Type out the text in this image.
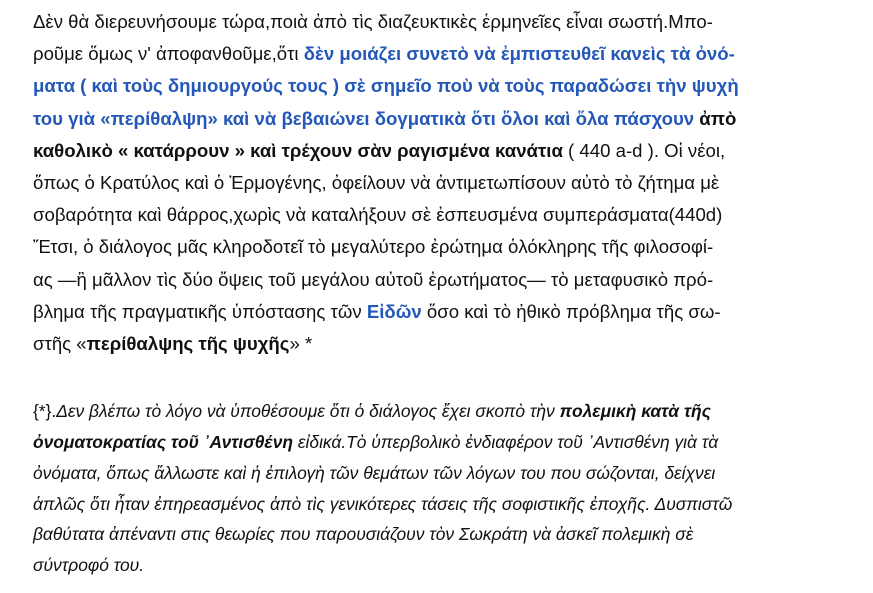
Δὲν θὰ διερευνήσουμε τώρα,ποιὰ ἀπὸ τὶς διαζευκτικὲς ἑρμηνεῖες εἶναι σωστή.Μπο-
ροῦμε ὅμως ν' ἀποφανθοῦμε,ὅτι δὲν μοιάζει συνετὸ νὰ ἐμπιστευθεῖ κανεὶς τὰ ὀνό-
ματα ( καὶ τοὺς δημιουργούς τους ) σὲ σημεῖο ποὺ νὰ τοὺς παραδώσει τὴν ψυχὴ
του γιὰ «περίθαλψη» καὶ νὰ βεβαιώνει δογματικὰ ὅτι ὅλοι καὶ ὅλα πάσχουν ἀπὸ
καθολικὸ « κατάρρουν » καὶ τρέχουν σὰν ραγισμένα κανάτια ( 440 a-d ). Οἱ νέοι,
ὅπως ὁ Κρατύλος καὶ ὁ Ἑρμογένης, ὀφείλουν νὰ ἀντιμετωπίσουν αὐτὸ τὸ ζήτημα μὲ
σοβαρότητα καὶ θάρρος,χωρὶς νὰ καταλήξουν σὲ ἐσπευσμένα συμπεράσματα(440d)
Ἔτσι, ὁ διάλογος μᾶς κληροδοτεῖ τὸ μεγαλύτερο ἐρώτημα ὁλόκληρης τῆς φιλοσοφί-
ας —ἢ μᾶλλον τὶς δύο ὄψεις τοῦ μεγάλου αὐτοῦ ἐρωτήματος— τὸ μεταφυσικὸ πρό-
βλημα τῆς πραγματικῆς ὑπόστασης τῶν Εἰδῶν ὅσο καὶ τὸ ἠθικὸ πρόβλημα τῆς σω-
στῆς «περίθαλψης τῆς ψυχῆς» *
{*}.Δεν βλέπω τὸ λόγο νὰ ὑποθέσουμε ὅτι ὁ διάλογος ἔχει σκοπὸ τὴν πολεμικὴ κατὰ τῆς
ὀνοματοκρατίας τοῦ ᾽Αντισθένη εἰδικά.Τὸ ὑπερβολικὸ ἐνδιαφέρον τοῦ ᾽Αντισθένη γιὰ τὰ
ὀνόματα, ὅπως ἄλλωστε καὶ ἡ ἐπιλογὴ τῶν θεμάτων τῶν λόγων του που σώζονται, δείχνει
ἁπλῶς ὅτι ἦταν ἐπηρεασμένος ἀπὸ τὶς γενικότερες τάσεις τῆς σοφιστικῆς ἐποχῆς. Δυσπιστῶ
βαθύτατα ἀπέναντι στις θεωρίες που παρουσιάζουν τὸν Σωκράτη νὰ ἀσκεῖ πολεμικὴ σὲ
σύντροφό του.
